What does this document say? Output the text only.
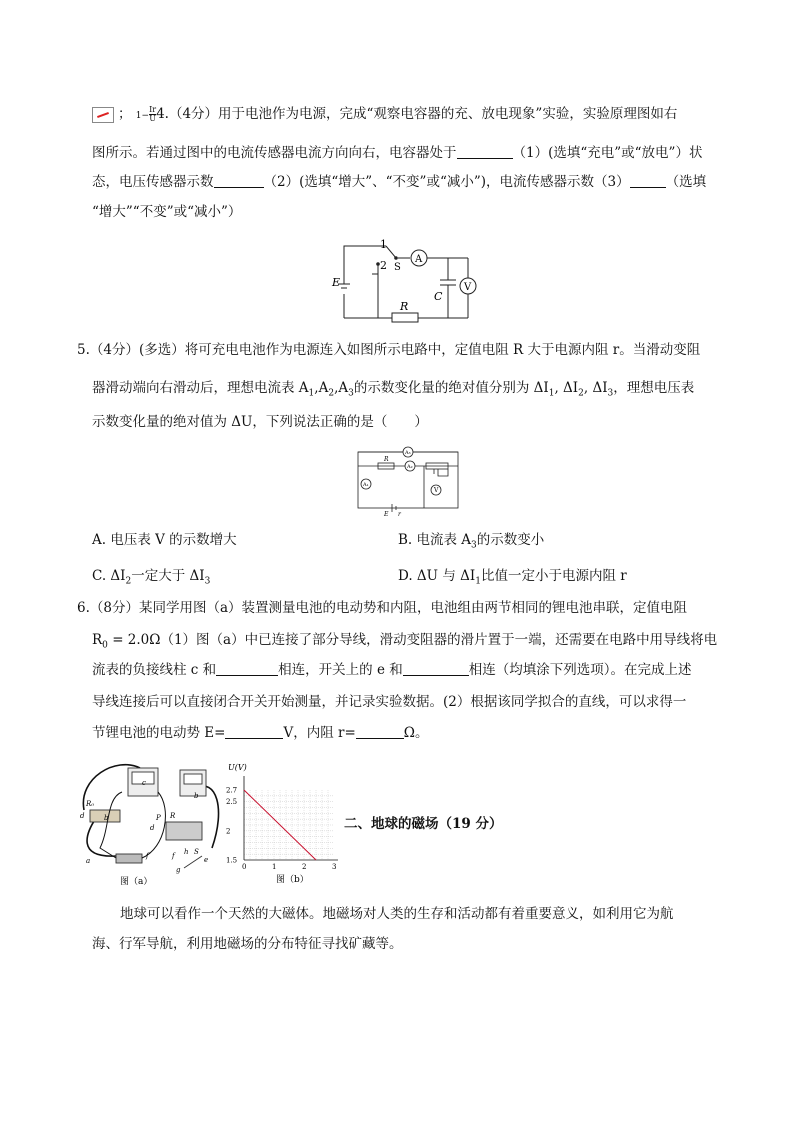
； $1- \frac{Ir}{U} 4.(4$分）用于电池作为电源，完成“观察电容器的充、放电现象”实验，实验原理图如右
图所示。若通过图中的电流传感器电流方向向右，电容器处于	（1）(选填“充电”或“放电”）状
态，电压传感器示数	（2）(选填“增大”、“不变”或“减小”)，电流传感器示数（3）	（选填
“增大”“不变”或“减小”）
1
2 S
A
V
E
C
R
5.（4分）(多选）将可充电电池作为电源连入如图所示电路中，定值电阻 R 大于电源内阻 r。当滑动变阻
器滑动端向右滑动后，理想电流表 $A_1,A_2,A_3$的示数变化量的绝对值分别为 $\Delta I_1$, $\Delta I_2$, $\Delta I_3$，理想电压表
示数变化量的绝对值为 ΔU，下列说法正确的是（　　）
A₃
A₂
A₁
V
R
E r
A. 电压表 V 的示数增大	B. 电流表 $A_3$的示数变小
C. $\Delta I_2$一定大于 $\Delta I_3$	D. ΔU 与 $\Delta I_1$比值一定小于电源内阻 r
6.（8分）某同学用图（a）装置测量电池的电动势和内阻，电池组由两节相同的锂电池串联，定值电阻
$R_0 = 2.0\Omega(1)$图（a）中已连接了部分导线，滑动变阻器的滑片置于一端，还需要在电路中用导线将电
流表的负接线柱 c 和	相连，开关上的 e 和	相连（均填涂下列选项）。在完成上述
导线连接后可以直接闭合开关开始测量，并记录实验数据。(2）根据该同学拟合的直线，可以求得一
节锂电池的电动势 E=	V，内阻 r=	Ω。
R₀
d	b
a
c
P R
d
f	f h S
e
g
b
图（a）
0	1	2	3
1.5
2
2.5
2.7
U(V)
图（b）
二、地球的磁场（19 分）
地球可以看作一个天然的大磁体。地磁场对人类的生存和活动都有着重要意义，如利用它为航
海、行军导航，利用地磁场的分布特征寻找矿藏等。
